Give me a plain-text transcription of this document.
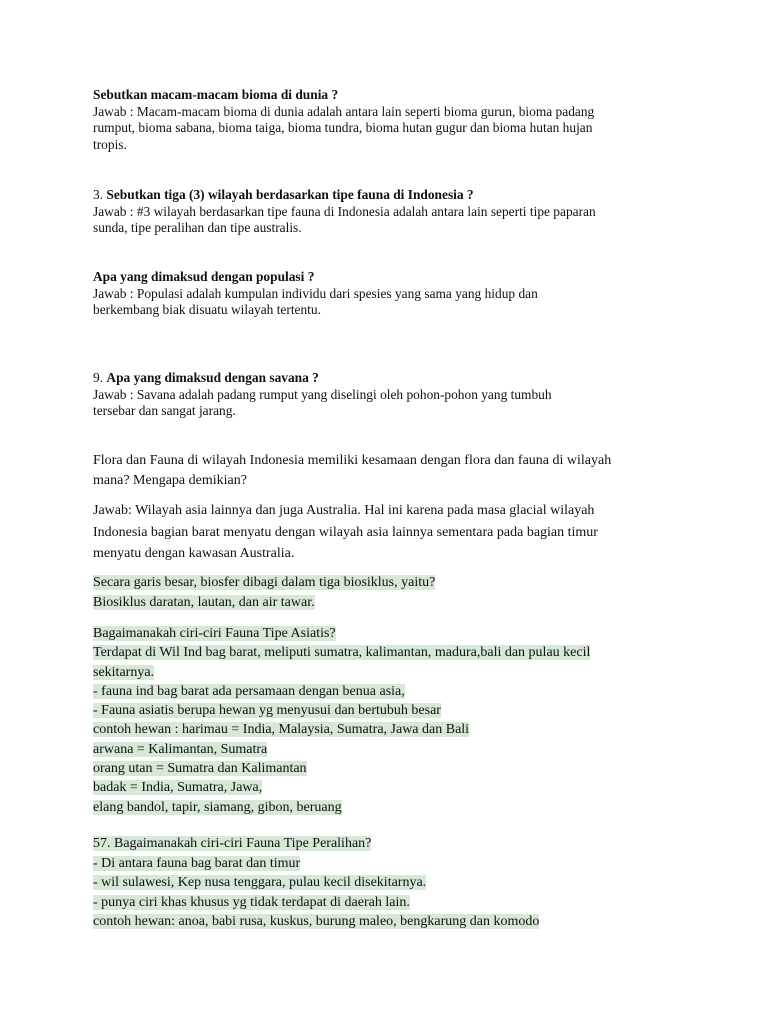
Sebutkan macam-macam bioma di dunia ?
Jawab : Macam-macam bioma di dunia adalah antara lain seperti bioma gurun, bioma padang
rumput, bioma sabana, bioma taiga, bioma tundra, bioma hutan gugur dan bioma hutan hujan
tropis.
3. Sebutkan tiga (3) wilayah berdasarkan tipe fauna di Indonesia ?
Jawab : #3 wilayah berdasarkan tipe fauna di Indonesia adalah antara lain seperti tipe paparan
sunda, tipe peralihan dan tipe australis.
Apa yang dimaksud dengan populasi ?
Jawab : Populasi adalah kumpulan individu dari spesies yang sama yang hidup dan
berkembang biak disuatu wilayah tertentu.
9. Apa yang dimaksud dengan savana ?
Jawab : Savana adalah padang rumput yang diselingi oleh pohon-pohon yang tumbuh
tersebar dan sangat jarang.
Flora dan Fauna di wilayah Indonesia memiliki kesamaan dengan flora dan fauna di wilayah
mana? Mengapa demikian?
Jawab: Wilayah asia lainnya dan juga Australia. Hal ini karena pada masa glacial wilayah
Indonesia bagian barat menyatu dengan wilayah asia lainnya sementara pada bagian timur
menyatu dengan kawasan Australia.
Secara garis besar, biosfer dibagi dalam tiga biosiklus, yaitu?
Biosiklus daratan, lautan, dan air tawar.
Bagaimanakah ciri-ciri Fauna Tipe Asiatis?
Terdapat di Wil Ind bag barat, meliputi sumatra, kalimantan, madura,bali dan pulau kecil
sekitarnya.
- fauna ind bag barat ada persamaan dengan benua asia,
- Fauna asiatis berupa hewan yg menyusui dan bertubuh besar
contoh hewan : harimau = India, Malaysia, Sumatra, Jawa dan Bali
arwana = Kalimantan, Sumatra
orang utan = Sumatra dan Kalimantan
badak = India, Sumatra, Jawa,
elang bandol, tapir, siamang, gibon, beruang
57. Bagaimanakah ciri-ciri Fauna Tipe Peralihan?
- Di antara fauna bag barat dan timur
- wil sulawesi, Kep nusa tenggara, pulau kecil disekitarnya.
- punya ciri khas khusus yg tidak terdapat di daerah lain.
contoh hewan: anoa, babi rusa, kuskus, burung maleo, bengkarung dan komodo
